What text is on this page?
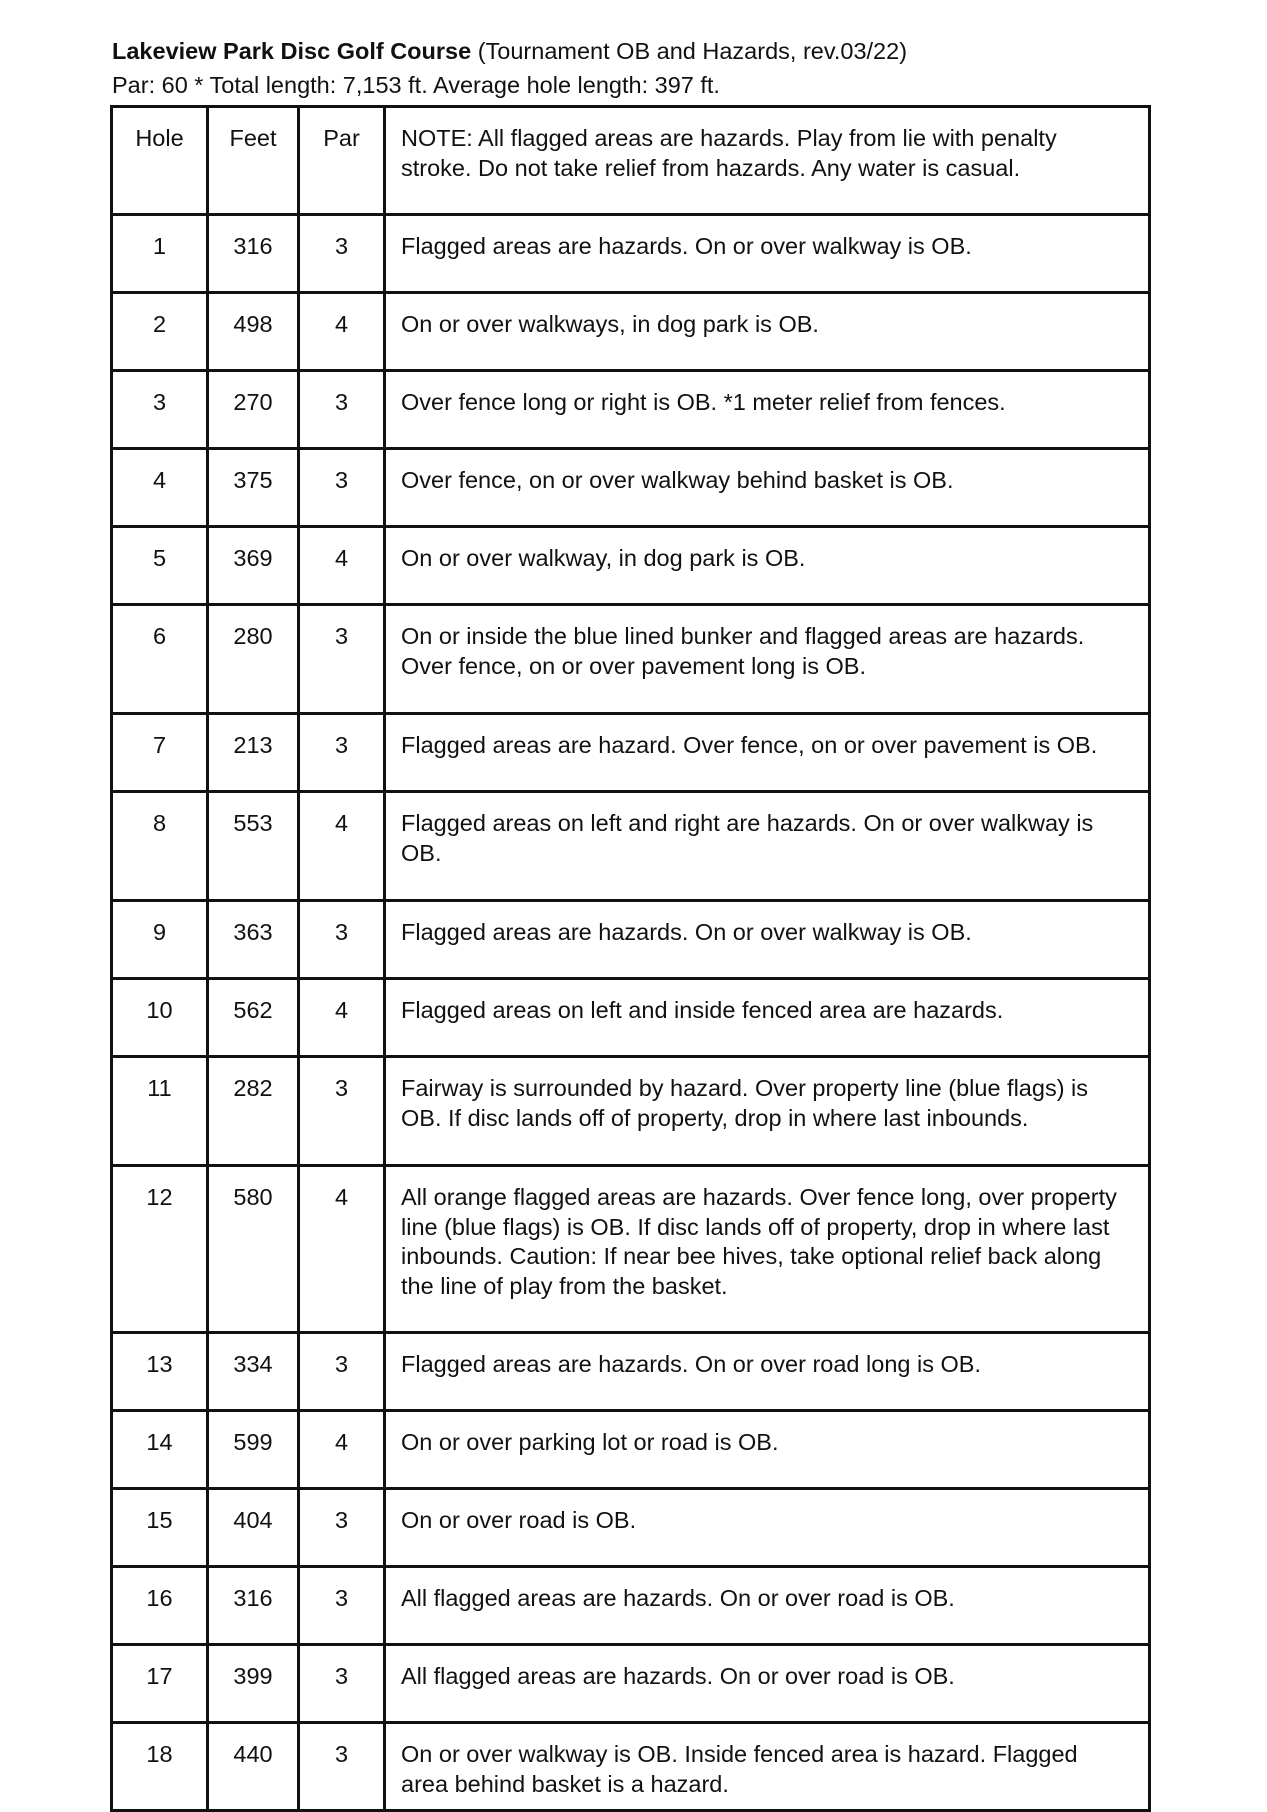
Lakeview Park Disc Golf Course (Tournament OB and Hazards, rev.03/22)
Par: 60 * Total length: 7,153 ft. Average hole length: 397 ft.
Hole	Feet	Par	NOTE: All flagged areas are hazards. Play from lie with penalty stroke. Do not take relief from hazards. Any water is casual.
1	316	3	Flagged areas are hazards. On or over walkway is OB.
2	498	4	On or over walkways, in dog park is OB.
3	270	3	Over fence long or right is OB. *1 meter relief from fences.
4	375	3	Over fence, on or over walkway behind basket is OB.
5	369	4	On or over walkway, in dog park is OB.
6	280	3	On or inside the blue lined bunker and flagged areas are hazards. Over fence, on or over pavement long is OB.
7	213	3	Flagged areas are hazard. Over fence, on or over pavement is OB.
8	553	4	Flagged areas on left and right are hazards. On or over walkway is OB.
9	363	3	Flagged areas are hazards. On or over walkway is OB.
10	562	4	Flagged areas on left and inside fenced area are hazards.
11	282	3	Fairway is surrounded by hazard. Over property line (blue flags) is OB. If disc lands off of property, drop in where last inbounds.
12	580	4	All orange flagged areas are hazards. Over fence long, over property line (blue flags) is OB. If disc lands off of property, drop in where last inbounds. Caution: If near bee hives, take optional relief back along the line of play from the basket.
13	334	3	Flagged areas are hazards. On or over road long is OB.
14	599	4	On or over parking lot or road is OB.
15	404	3	On or over road is OB.
16	316	3	All flagged areas are hazards. On or over road is OB.
17	399	3	All flagged areas are hazards. On or over road is OB.
18	440	3	On or over walkway is OB. Inside fenced area is hazard. Flagged area behind basket is a hazard.
